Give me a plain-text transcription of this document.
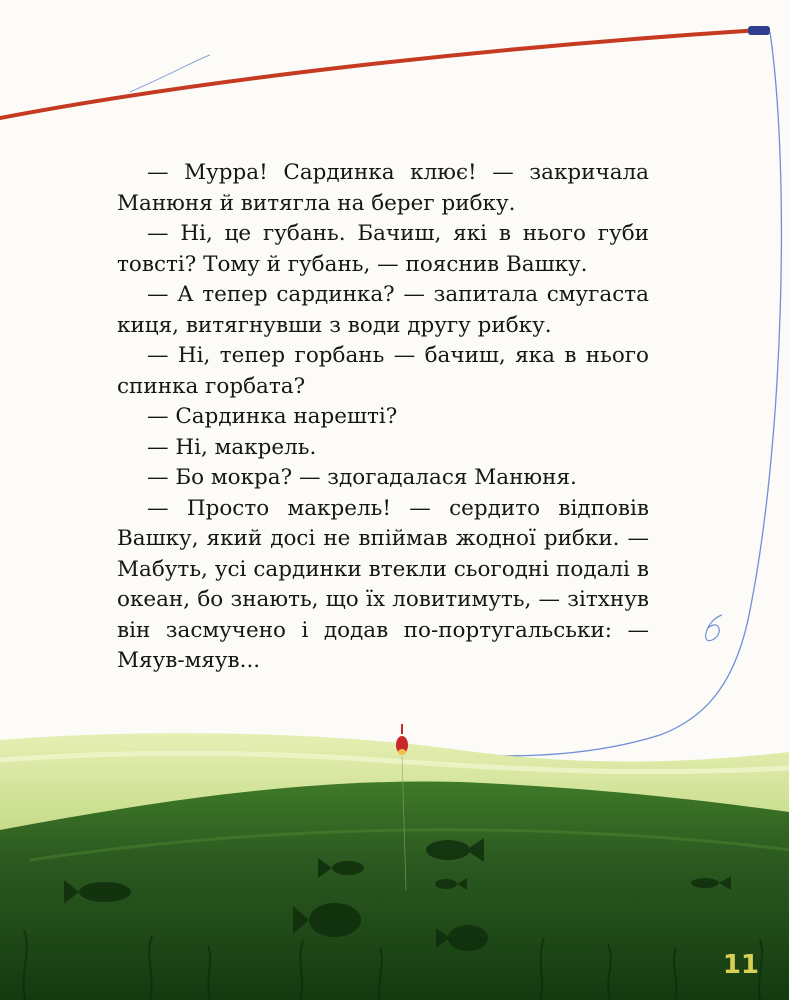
— Мурра! Сардинка клює! — закричала Манюня й витягла на берег рибку.

— Ні, це губань. Бачиш, які в нього губи товсті? Тому й губань, — пояснив Вашку.

— А тепер сардинка? — запитала смугаста киця, витягнувши з води другу рибку.

— Ні, тепер горбань — бачиш, яка в нього спинка горбата?

— Сардинка нарешті?

— Ні, макрель.

— Бо мокра? — здогадалася Манюня.

— Просто макрель! — сердито відповів Вашку, який досі не впіймав жодної рибки. — Мабуть, усі сардинки втекли сьогодні подалі в океан, бо знають, що їх ловитимуть, — зітхнув він засмучено і додав по-португальськи: — Мяув-мяув...

11
